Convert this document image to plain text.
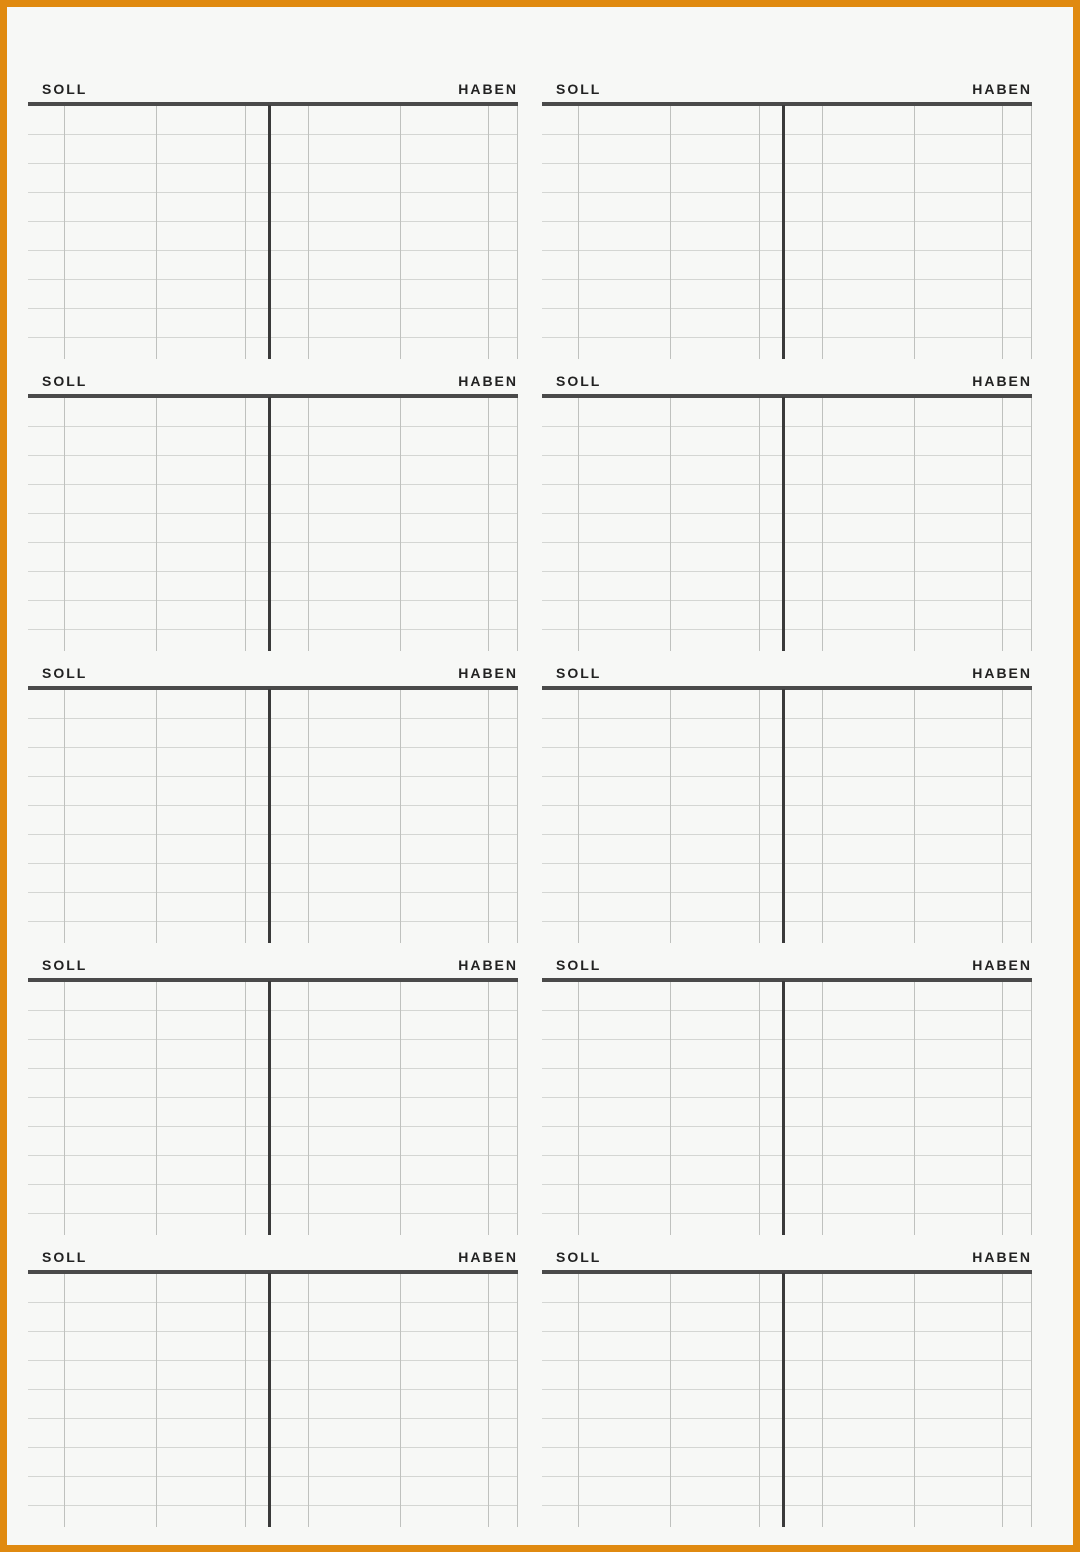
SOLL	HABEN	SOLL	HABEN
SOLL	HABEN	SOLL	HABEN
SOLL	HABEN	SOLL	HABEN
SOLL	HABEN	SOLL	HABEN
SOLL	HABEN	SOLL	HABEN
